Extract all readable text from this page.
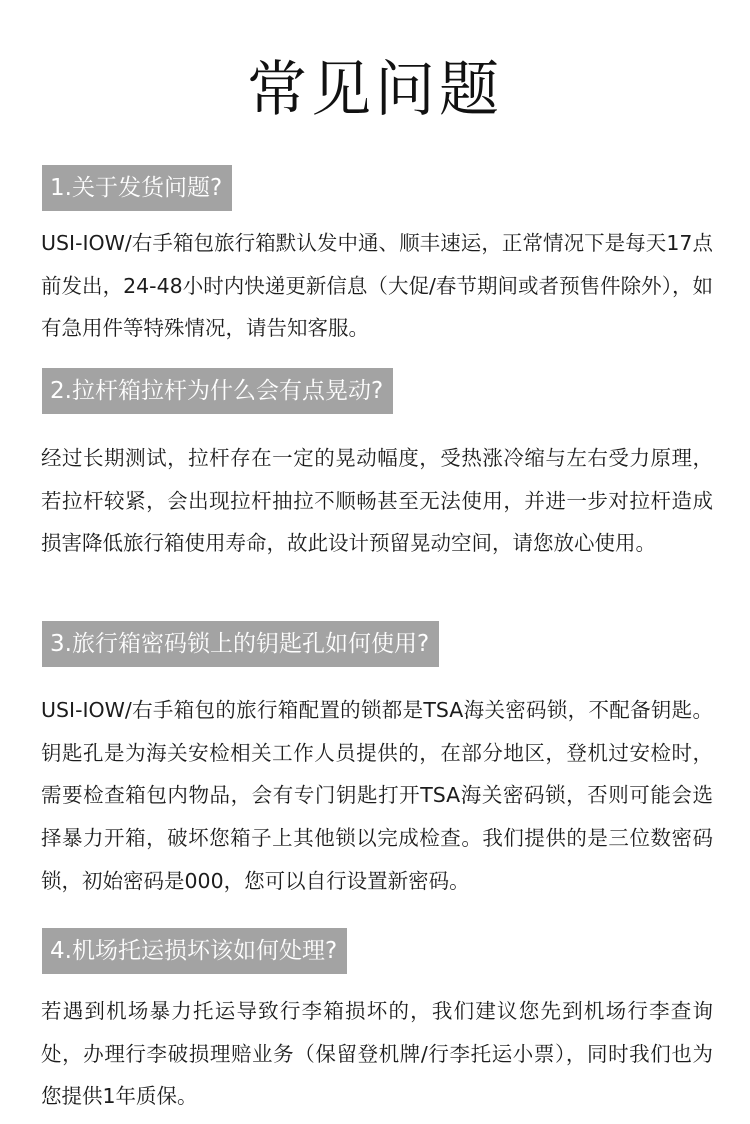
常见问题
1.关于发货问题?

USI-IOW/右手箱包旅行箱默认发中通、顺丰速运，正常情况下是每天17点前发出，24-48小时内快递更新信息（大促/春节期间或者预售件除外），如有急用件等特殊情况，请告知客服。

2.拉杆箱拉杆为什么会有点晃动?

经过长期测试，拉杆存在一定的晃动幅度，受热涨冷缩与左右受力原理，若拉杆较紧，会出现拉杆抽拉不顺畅甚至无法使用，并进一步对拉杆造成损害降低旅行箱使用寿命，故此设计预留晃动空间，请您放心使用。

3.旅行箱密码锁上的钥匙孔如何使用?

USI-IOW/右手箱包的旅行箱配置的锁都是TSA海关密码锁，不配备钥匙。钥匙孔是为海关安检相关工作人员提供的，在部分地区，登机过安检时，需要检查箱包内物品，会有专门钥匙打开TSA海关密码锁，否则可能会选择暴力开箱，破坏您箱子上其他锁以完成检查。我们提供的是三位数密码锁，初始密码是000，您可以自行设置新密码。

4.机场托运损坏该如何处理?

若遇到机场暴力托运导致行李箱损坏的，我们建议您先到机场行李查询处，办理行李破损理赔业务（保留登机牌/行李托运小票），同时我们也为您提供1年质保。
